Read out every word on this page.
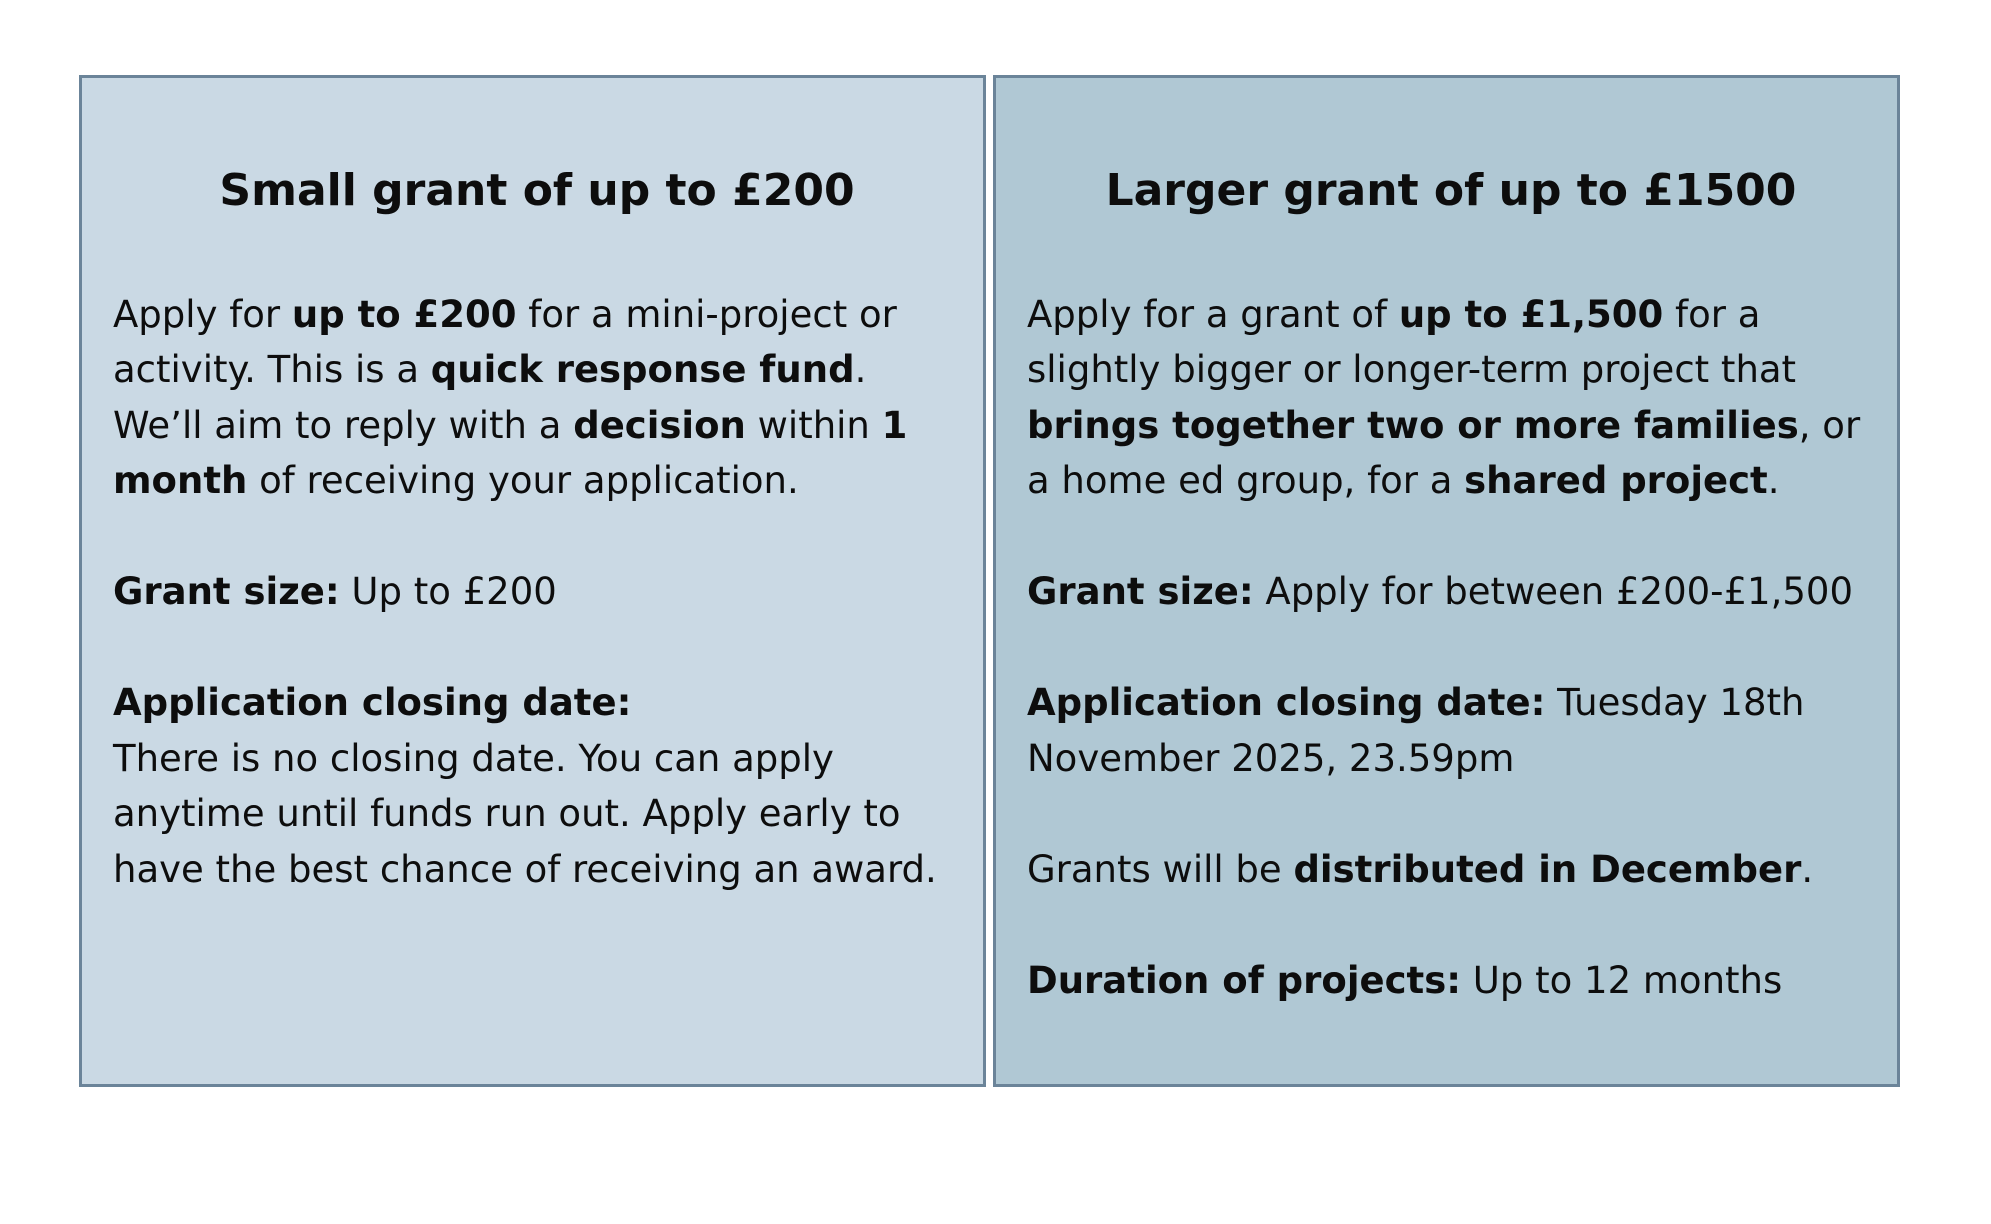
Small grant of up to £200

Apply for up to £200 for a mini-project or activity. This is a quick response fund. We’ll aim to reply with a decision within 1 month of receiving your application.

Grant size: Up to £200

Application closing date:

There is no closing date. You can apply anytime until funds run out. Apply early to have the best chance of receiving an award.

Larger grant of up to £1500

Apply for a grant of up to £1,500 for a slightly bigger or longer-term project that brings together two or more families, or a home ed group, for a shared project.

Grant size: Apply for between £200-£1,500

Application closing date: Tuesday 18th November 2025, 23.59pm

Grants will be distributed in December.

Duration of projects: Up to 12 months
